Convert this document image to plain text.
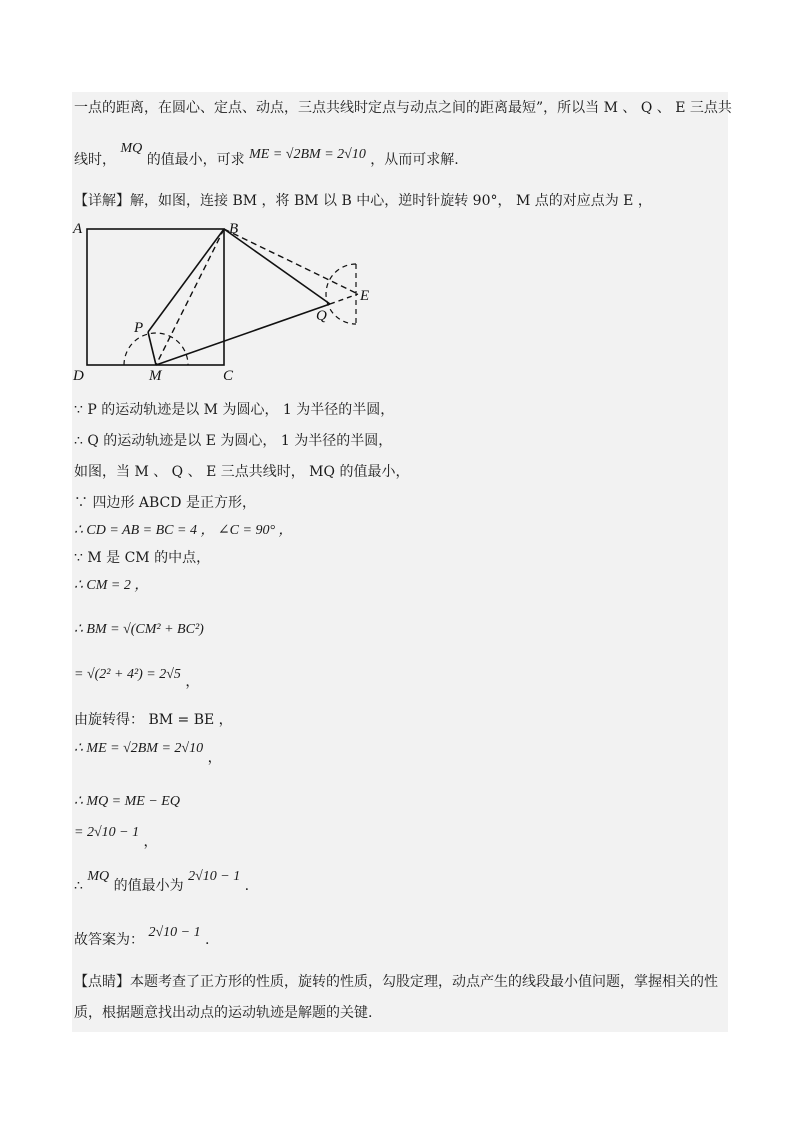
一点的距离，在圆心、定点、动点，三点共线时定点与动点之间的距离最短”，所以当 M 、 Q 、 E 三点共
线时， MQ 的值最小，可求 ME = √2BM = 2√10 ，从而可求解.
【详解】解，如图，连接 BM ，将 BM 以 B 中心，逆时针旋转 90°， M 点的对应点为 E ，
A	B
D	C
M
P
Q
E
∵ P 的运动轨迹是以 M 为圆心， 1 为半径的半圆，
∴ Q 的运动轨迹是以 E 为圆心， 1 为半径的半圆，
如图，当 M 、 Q 、 E 三点共线时， MQ 的值最小，
∵ 四边形 ABCD 是正方形，
∴ CD = AB = BC = 4 ， ∠C = 90° ，
∵ M 是 CM 的中点，
∴ CM = 2 ，
∴ BM = √(CM² + BC²)
= √(2² + 4²) = 2√5 ，
由旋转得： BM = BE ，
∴ ME = √2BM = 2√10 ，
∴ MQ = ME − EQ
= 2√10 − 1 ，
∴ MQ 的值最小为 2√10 − 1 .
故答案为： 2√10 − 1 .
【点睛】本题考查了正方形的性质，旋转的性质，勾股定理，动点产生的线段最小值问题，掌握相关的性
质，根据题意找出动点的运动轨迹是解题的关键.
